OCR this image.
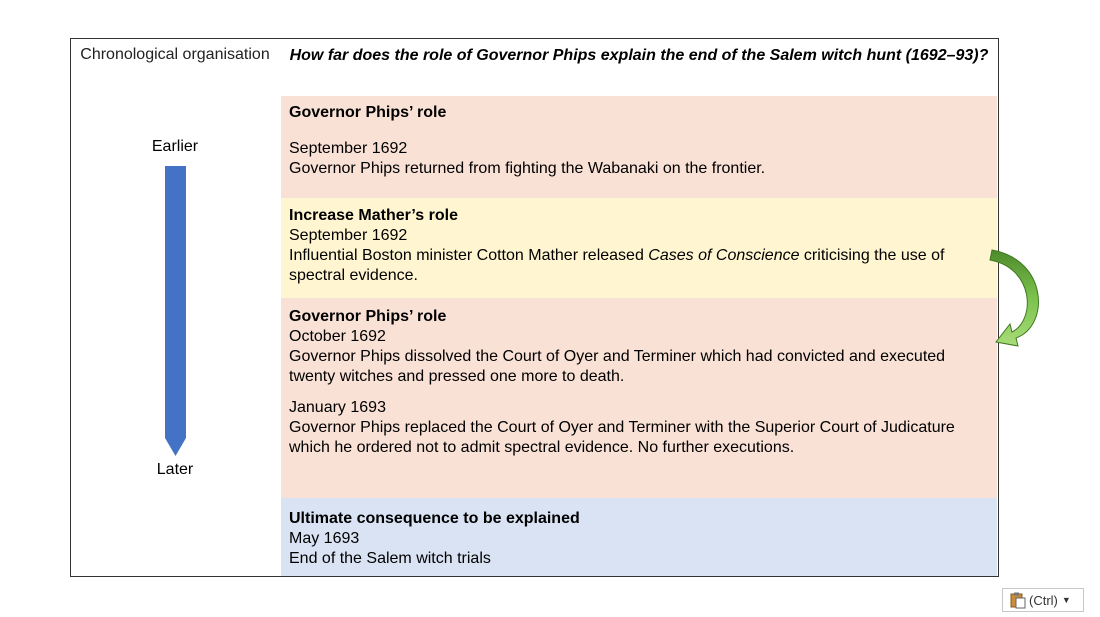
Chronological organisation	How far does the role of Governor Phips explain the end of the Salem witch hunt (1692–93)?
Earlier
Later
Governor Phips’ role
September 1692
Governor Phips returned from fighting the Wabanaki on the frontier.
Increase Mather’s role
September 1692
Influential Boston minister Cotton Mather released Cases of Conscience criticising the use of spectral evidence.
Governor Phips’ role
October 1692
Governor Phips dissolved the Court of Oyer and Terminer which had convicted and executed twenty witches and pressed one more to death.
January 1693
Governor Phips replaced the Court of Oyer and Terminer with the Superior Court of Judicature which he ordered not to admit spectral evidence. No further executions.
Ultimate consequence to be explained
May 1693
End of the Salem witch trials
(Ctrl) ▼
